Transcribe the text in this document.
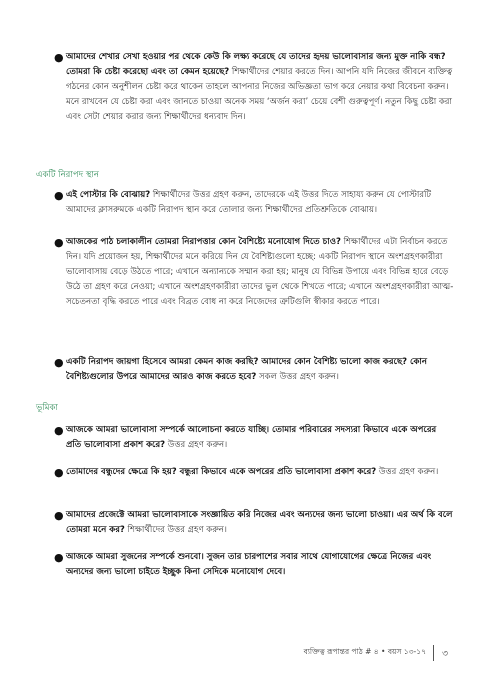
● আমাদের শেখার সেখা হওয়ার পর থেকে কেউ কি লক্ষ্য করেছে যে তাদের হৃদয় ভালোবাসার জন্য মুক্ত নাকি বন্ধ? তোমরা কি চেষ্টা করেছো এবং তা কেমন হয়েছে? শিক্ষার্থীদের শেয়ার করতে দিন। আপনি যদি নিজের জীবনে ব্যক্তিত্ব গঠনের কোন অনুশীলন চেষ্টা করে থাকেন তাহলে আপনার নিজের অভিজ্ঞতা ভাগ করে নেয়ার কথা বিবেচনা করুন। মনে রাখবেন যে চেষ্টা করা এবং জানতে চাওয়া অনেক সময় ‘অর্জন করা’ চেয়ে বেশী গুরুত্বপূর্ণ। নতুন কিছু চেষ্টা করা এবং সেটা শেয়ার করার জন্য শিক্ষার্থীদের ধন্যবাদ দিন।
একটি নিরাপদ স্থান
● এই পোস্টার কি বোঝায়? শিক্ষার্থীদের উত্তর গ্রহণ করুন, তাদেরকে এই উত্তর দিতে সাহায্য করুন যে পোস্টারটি আমাদের ক্লাসরুমকে একটি নিরাপদ স্থান করে তোলার জন্য শিক্ষার্থীদের প্রতিশ্রুতিকে বোঝায়।
● আজকের পাঠ চলাকালীন তোমরা নিরাপত্তার কোন বৈশিষ্ট্যে মনোযোগ দিতে চাও? শিক্ষার্থীদের এটা নির্বাচন করতে দিন। যদি প্রয়োজন হয়, শিক্ষার্থীদের মনে করিয়ে দিন যে বৈশিষ্ট্যগুলো হচ্ছে: একটি নিরাপদ স্থানে অংশগ্রহণকারীরা ভালোবাসায় বেড়ে উঠতে পারে; এখানে অন্যান্যকে সম্মান করা হয়; মানুষ যে বিভিন্ন উপায়ে এবং বিভিন্ন হারে বেড়ে উঠে তা গ্রহণ করে নেওয়া; এখানে অংশগ্রহণকারীরা তাদের ভুল থেকে শিখতে পারে; এখানে অংশগ্রহণকারীরা আত্ম-সচেতনতা বৃদ্ধি করতে পারে এবং বিব্রত বোধ না করে নিজেদের ত্রুটিগুলি স্বীকার করতে পারে।
● একটি নিরাপদ জায়গা হিসেবে আমরা কেমন কাজ করছি? আমাদের কোন বৈশিষ্ট্য ভালো কাজ করছে? কোন বৈশিষ্ট্যগুলোর উপরে আমাদের আরও কাজ করতে হবে? সকল উত্তর গ্রহণ করুন।
ভূমিকা
● আজকে আমরা ভালোবাসা সম্পর্কে আলোচনা করতে যাচ্ছি। তোমার পরিবারের সদস্যরা কিভাবে একে অপরের প্রতি ভালোবাসা প্রকাশ করে? উত্তর গ্রহণ করুন।
● তোমাদের বন্ধুদের ক্ষেত্রে কি হয়? বন্ধুরা কিভাবে একে অপরের প্রতি ভালোবাসা প্রকাশ করে? উত্তর গ্রহণ করুন।
● আমাদের প্রজেক্টে আমরা ভালোবাসাকে সংজ্ঞায়িত করি নিজের এবং অন্যদের জন্য ভালো চাওয়া। এর অর্থ কি বলে তোমরা মনে কর? শিক্ষার্থীদের উত্তর গ্রহণ করুন।
● আজকে আমরা সুজনের সম্পর্কে শুনবো। সুজন তার চারপাশের সবার সাথে যোগাযোগের ক্ষেত্রে নিজের এবং অন্যদের জন্য ভালো চাইতে ইচ্ছুক কিনা সেদিকে মনোযোগ দেবে।
ব্যক্তিত্ব রূপান্তর পাঠ # ৪ • বয়স ১৩-১৭ ৩
